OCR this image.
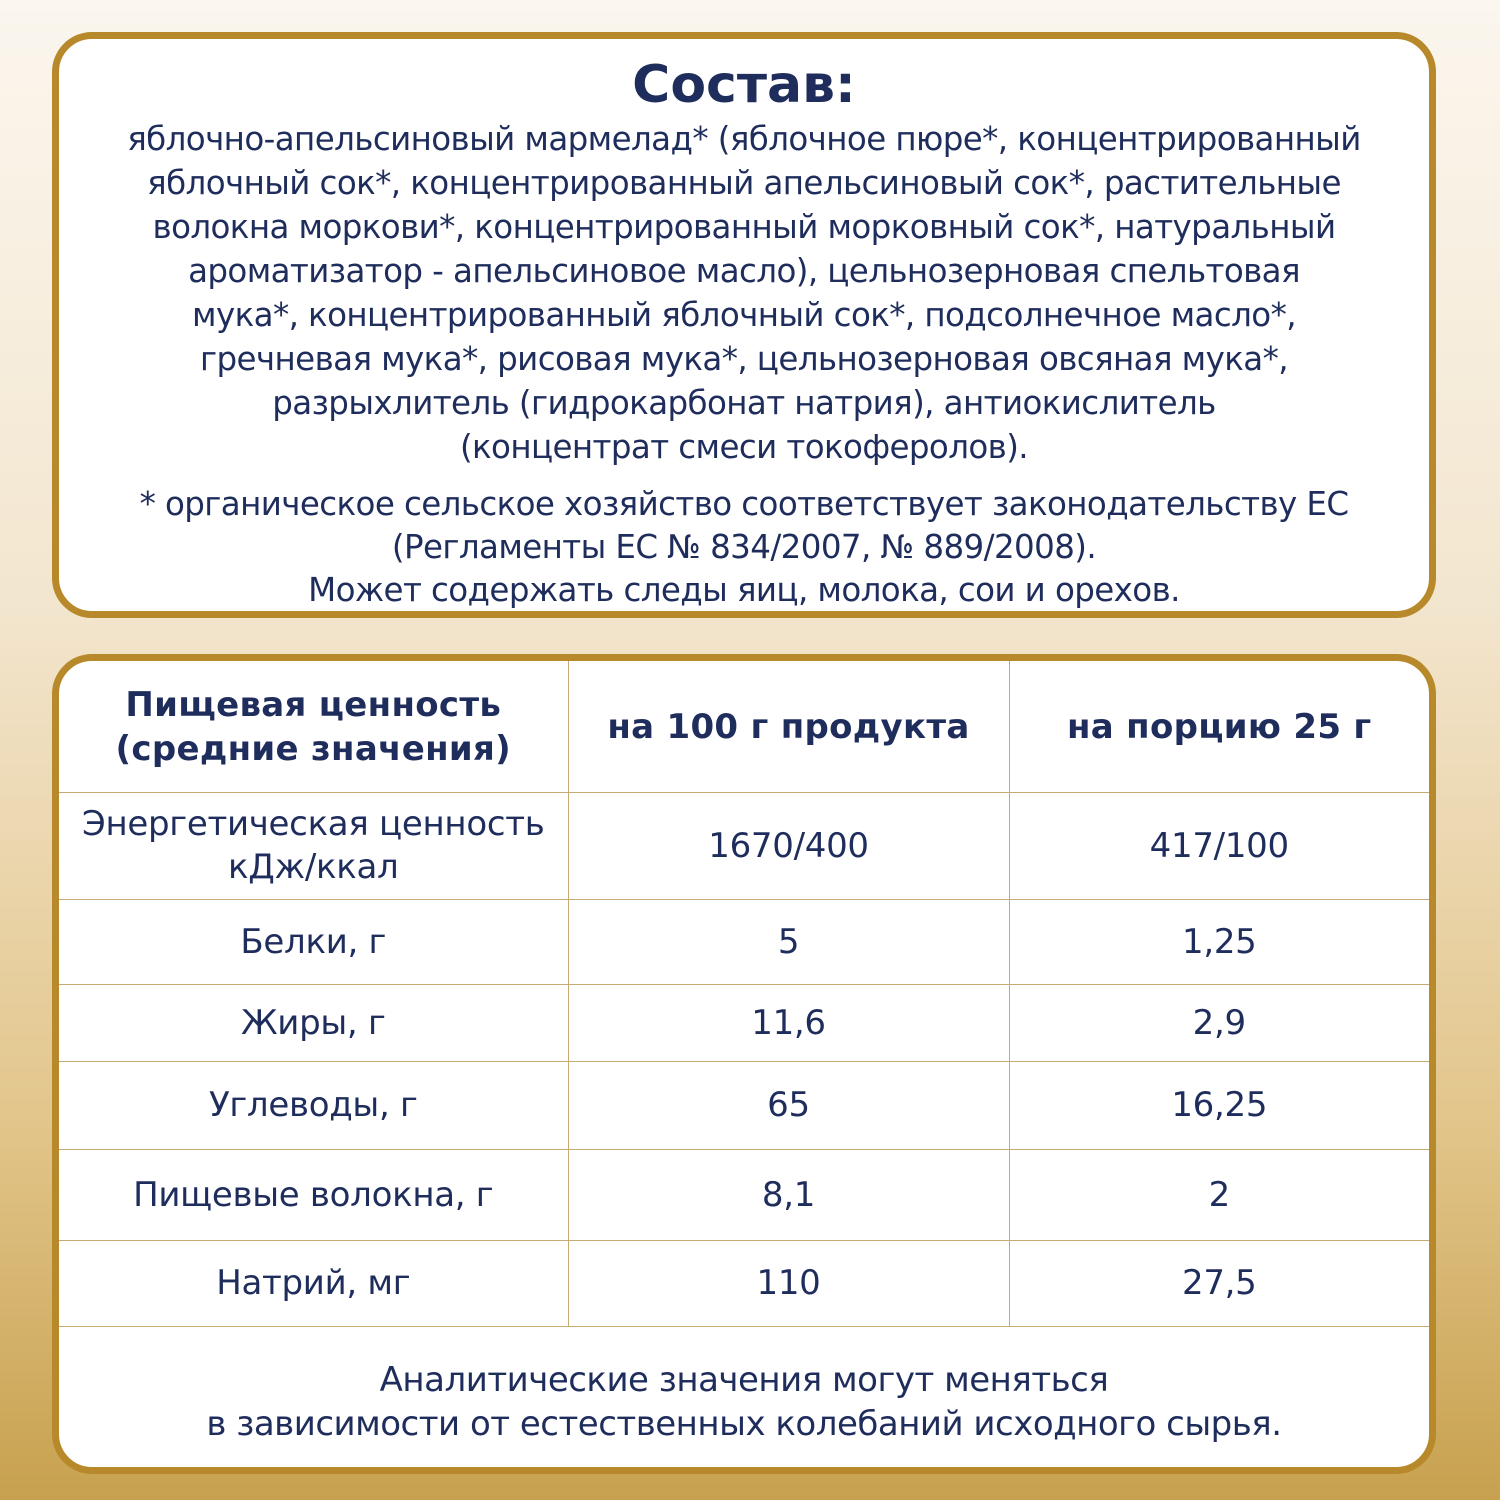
Состав:
яблочно-апельсиновый мармелад* (яблочное пюре*, концентрированный
яблочный сок*, концентрированный апельсиновый сок*, растительные
волокна моркови*, концентрированный морковный сок*, натуральный
ароматизатор - апельсиновое масло), цельнозерновая спельтовая
мука*, концентрированный яблочный сок*, подсолнечное масло*,
гречневая мука*, рисовая мука*, цельнозерновая овсяная мука*,
разрыхлитель (гидрокарбонат натрия), антиокислитель
(концентрат смеси токоферолов).
* органическое сельское хозяйство соответствует законодательству ЕС
(Регламенты ЕС № 834/2007, № 889/2008).
Может содержать следы яиц, молока, сои и орехов.
Пищевая ценность
(средние значения)	на 100 г продукта	на порцию 25 г

Энергетическая ценность
кДж/ккал	1670/400	417/100
Белки, г	5	1,25
Жиры, г	11,6	2,9
Углеводы, г	65	16,25
Пищевые волокна, г	8,1	2
Натрий, мг	110	27,5
Аналитические значения могут меняться
в зависимости от естественных колебаний исходного сырья.
